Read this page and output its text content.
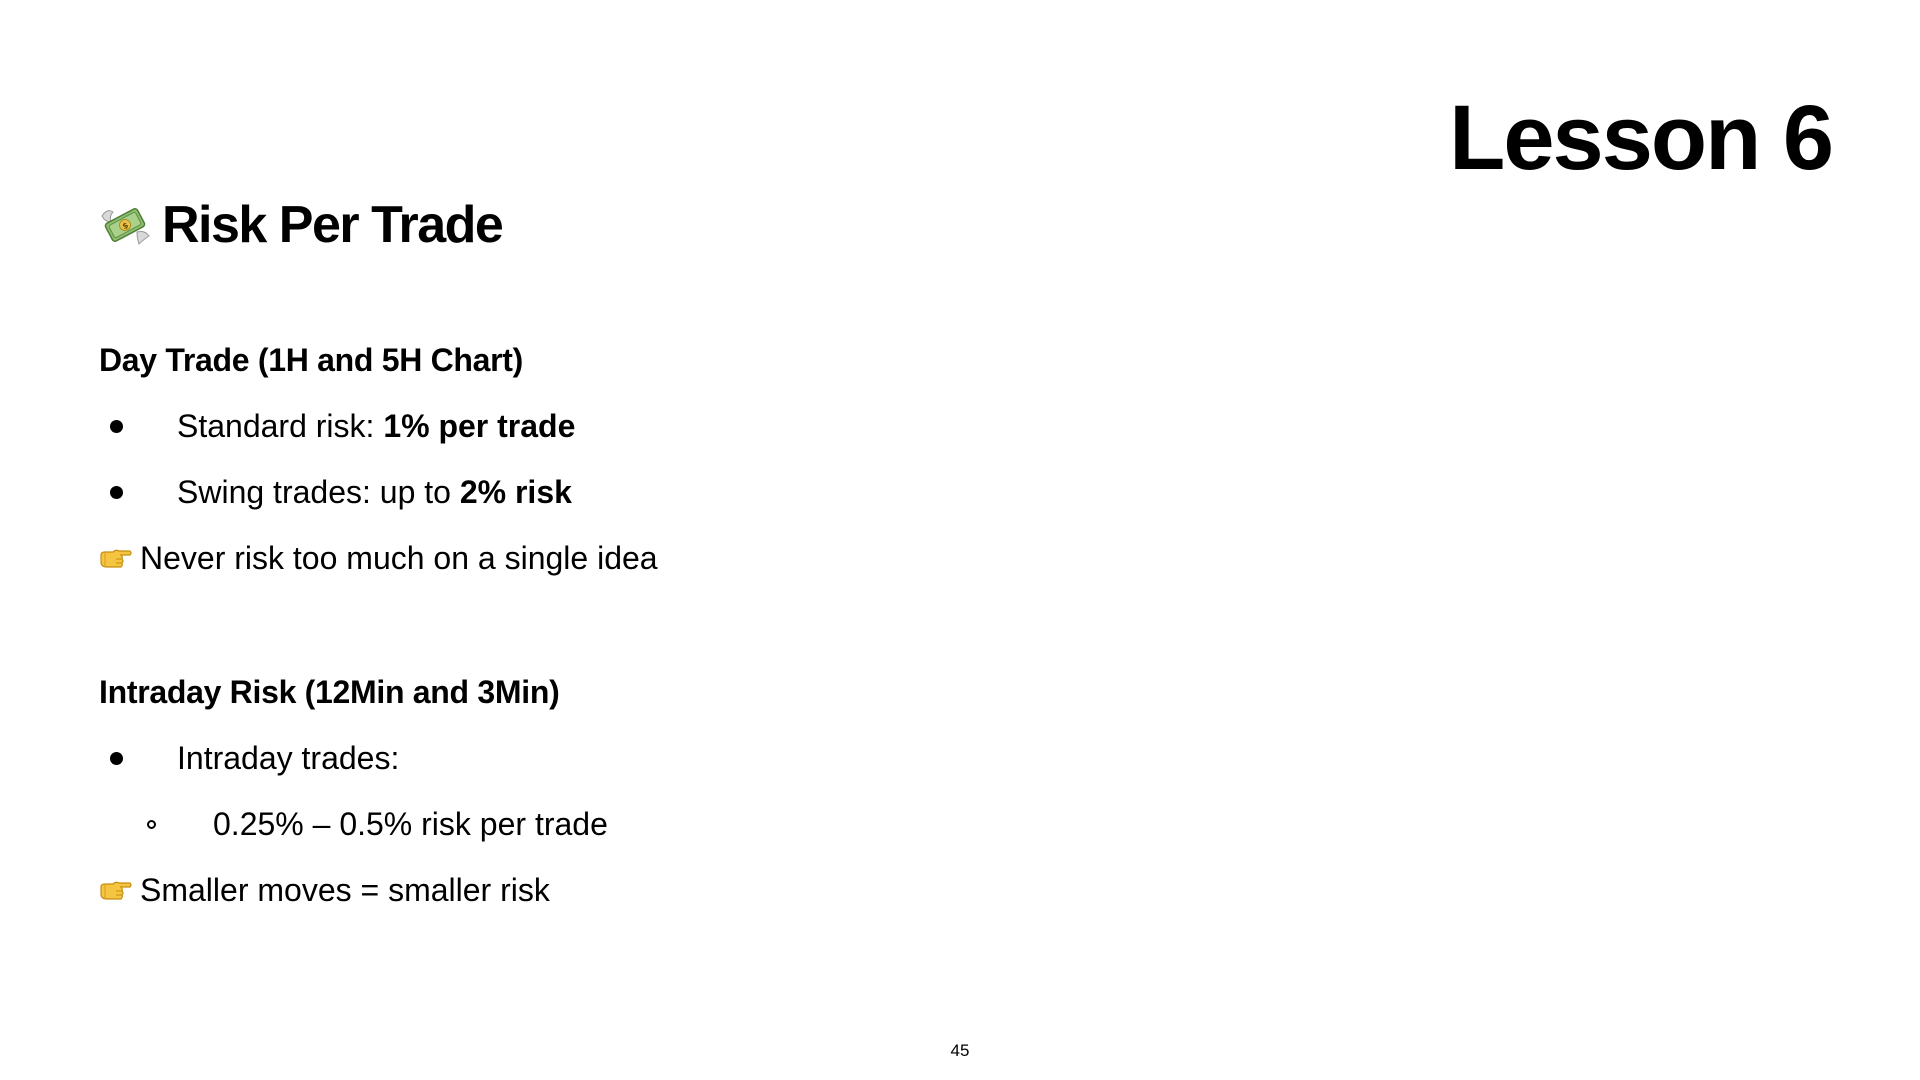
Lesson 6
$ Risk Per Trade
Day Trade (1H and 5H Chart)
Standard risk: 1% per trade
Swing trades: up to 2% risk
Never risk too much on a single idea
Intraday Risk (12Min and 3Min)
Intraday trades:
0.25% – 0.5% risk per trade
Smaller moves = smaller risk
45
